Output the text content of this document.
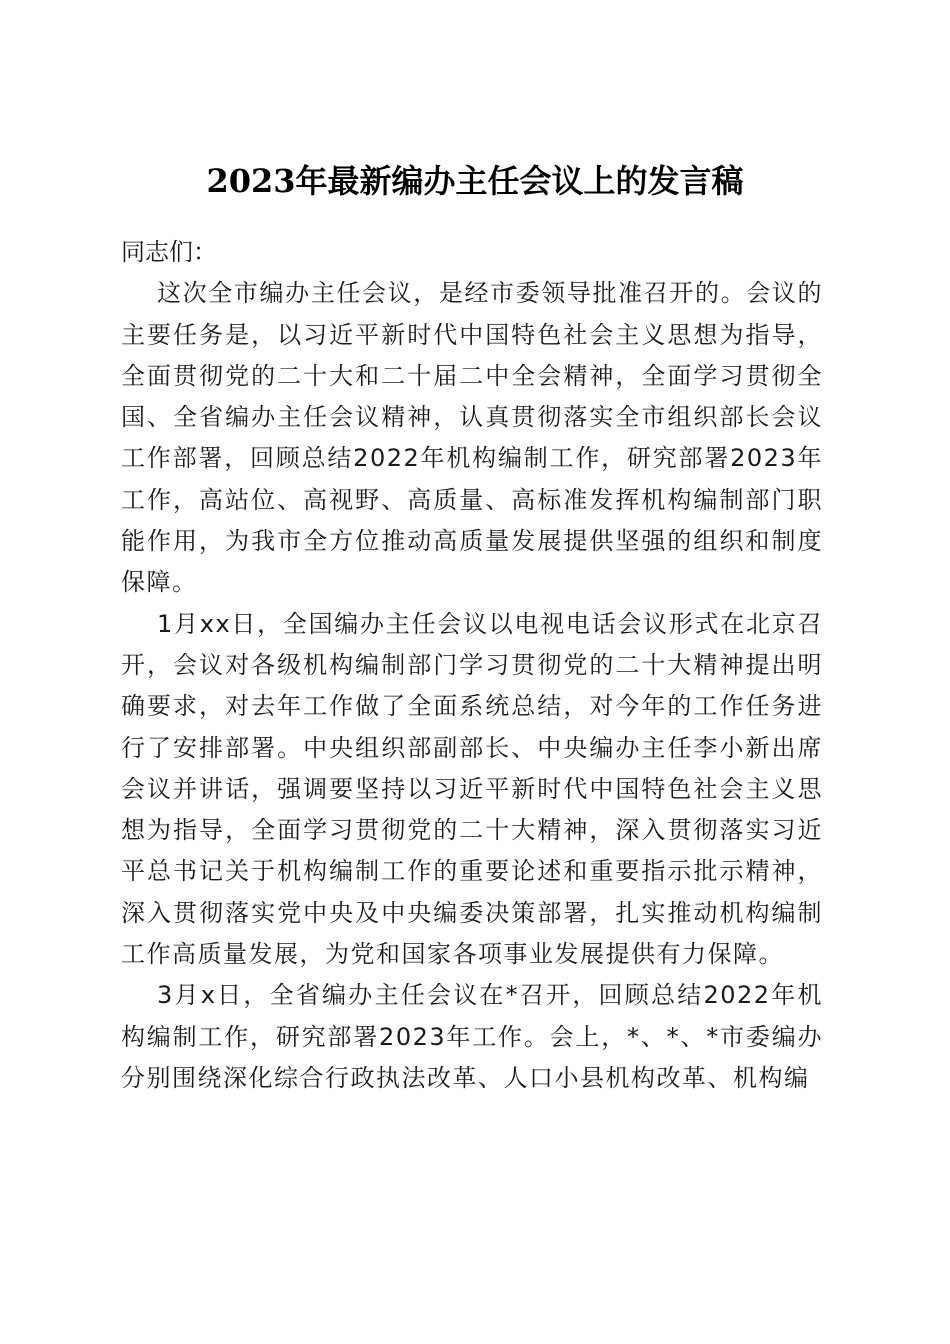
2023年最新编办主任会议上的发言稿

同志们：

这次全市编办主任会议，是经市委领导批准召开的。会议的主要任务是，以习近平新时代中国特色社会主义思想为指导，全面贯彻党的二十大和二十届二中全会精神，全面学习贯彻全国、全省编办主任会议精神，认真贯彻落实全市组织部长会议工作部署，回顾总结2022年机构编制工作，研究部署2023年工作，高站位、高视野、高质量、高标准发挥机构编制部门职能作用，为我市全方位推动高质量发展提供坚强的组织和制度保障。

1月xx日，全国编办主任会议以电视电话会议形式在北京召开，会议对各级机构编制部门学习贯彻党的二十大精神提出明确要求，对去年工作做了全面系统总结，对今年的工作任务进行了安排部署。中央组织部副部长、中央编办主任李小新出席会议并讲话，强调要坚持以习近平新时代中国特色社会主义思想为指导，全面学习贯彻党的二十大精神，深入贯彻落实习近平总书记关于机构编制工作的重要论述和重要指示批示精神，深入贯彻落实党中央及中央编委决策部署，扎实推动机构编制工作高质量发展，为党和国家各项事业发展提供有力保障。

3月x日，全省编办主任会议在*召开，回顾总结2022年机构编制工作，研究部署2023年工作。会上，*、*、*市委编办分别围绕深化综合行政执法改革、人口小县机构改革、机构编
